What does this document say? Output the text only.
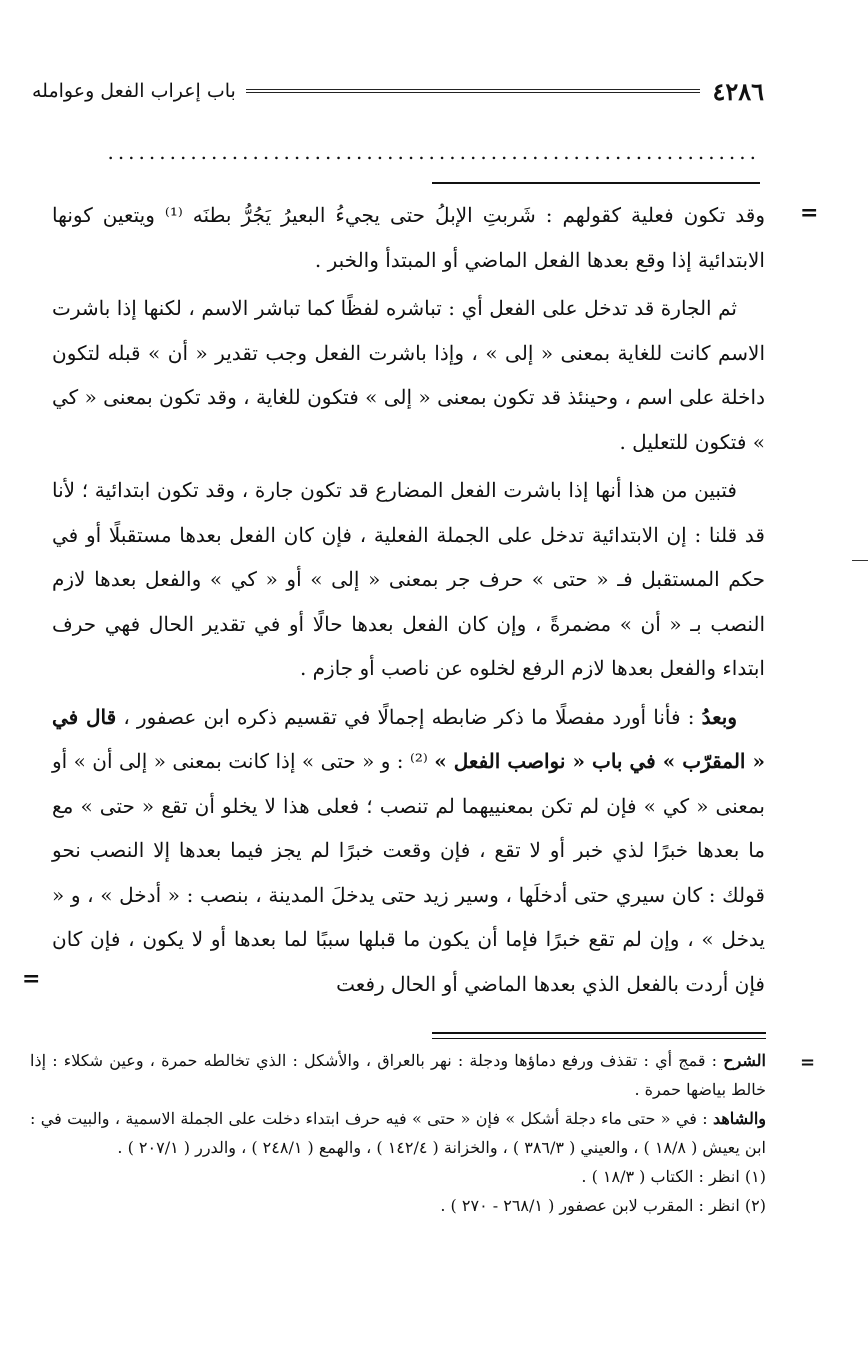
٤٢٨٦
باب إعراب الفعل وعوامله
...............................................................
=

وقد تكون فعلية كقولهم : شَربتِ الإبلُ حتى يجيءُ البعيرُ يَجُرُّ بطنَه ⁽¹⁾ ويتعين كونها الابتدائية إذا وقع بعدها الفعل الماضي أو المبتدأ والخبر .

ثم الجارة قد تدخل على الفعل أي : تباشره لفظًا كما تباشر الاسم ، لكنها إذا باشرت الاسم كانت للغاية بمعنى « إلى » ، وإذا باشرت الفعل وجب تقدير « أن » قبله لتكون داخلة على اسم ، وحينئذ قد تكون بمعنى « إلى » فتكون للغاية ، وقد تكون بمعنى « كي » فتكون للتعليل .

فتبين من هذا أنها إذا باشرت الفعل المضارع قد تكون جارة ، وقد تكون ابتدائية ؛ لأنا قد قلنا : إن الابتدائية تدخل على الجملة الفعلية ، فإن كان الفعل بعدها مستقبلًا أو في حكم المستقبل فـ « حتى » حرف جر بمعنى « إلى » أو « كي » والفعل بعدها لازم النصب بـ « أن » مضمرةً ، وإن كان الفعل بعدها حالًا أو في تقدير الحال فهي حرف ابتداء والفعل بعدها لازم الرفع لخلوه عن ناصب أو جازم .

وبعدُ : فأنا أورد مفصلًا ما ذكر ضابطه إجمالًا في تقسيم ذكره ابن عصفور ، قال في « المقرّب » في باب « نواصب الفعل » ⁽²⁾ : و « حتى » إذا كانت بمعنى « إلى أن » أو بمعنى « كي » فإن لم تكن بمعنييهما لم تنصب ؛ فعلى هذا لا يخلو أن تقع « حتى » مع ما بعدها خبرًا لذي خبر أو لا تقع ، فإن وقعت خبرًا لم يجز فيما بعدها إلا النصب نحو قولك : كان سيري حتى أدخلَها ، وسير زيد حتى يدخلَ المدينة ، بنصب : « أدخل » ، و « يدخل » ، وإن لم تقع خبرًا فإما أن يكون ما قبلها سببًا لما بعدها أو لا يكون ، فإن كان فإن أردت بالفعل الذي بعدها الماضي أو الحال رفعت

=
=

الشرح : قمج أي : تقذف ورفع دماؤها ودجلة : نهر بالعراق ، والأشكل : الذي تخالطه حمرة ، وعين شكلاء : إذا خالط بياضها حمرة .

والشاهد : في « حتى ماء دجلة أشكل » فإن « حتى » فيه حرف ابتداء دخلت على الجملة الاسمية ، والبيت في : ابن يعيش ( ١٨/٨ ) ، والعيني ( ٣٨٦/٣ ) ، والخزانة ( ١٤٢/٤ ) ، والهمع ( ٢٤٨/١ ) ، والدرر ( ٢٠٧/١ ) .

(١) انظر : الكتاب ( ١٨/٣ ) .

(٢) انظر : المقرب لابن عصفور ( ٢٦٨/١ - ٢٧٠ ) .
